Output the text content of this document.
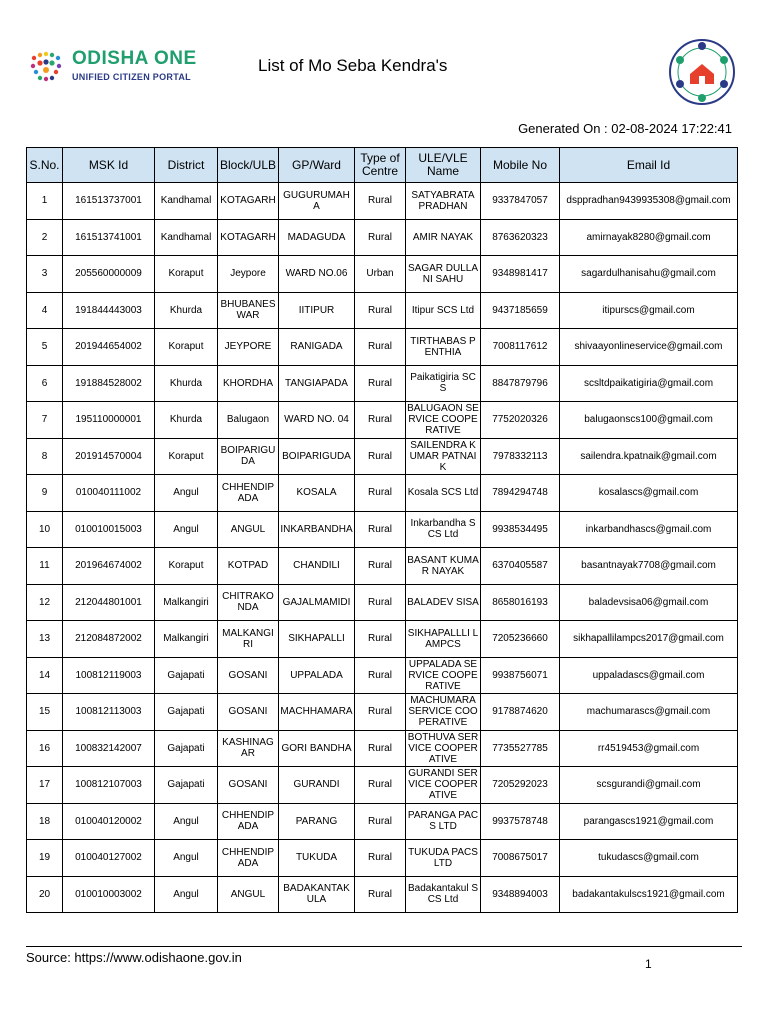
ODISHA ONE
UNIFIED CITIZEN PORTAL
List of Mo Seba Kendra's
Generated On : 02-08-2024 17:22:41
S.No.	MSK Id	District	Block/ULB	GP/Ward	Type of Centre	ULE/VLE Name	Mobile No	Email Id
1	161513737001	Kandhamal	KOTAGARH	GUGURUMAHA	Rural	SATYABRATA PRADHAN	9337847057	dsppradhan9439935308@gmail.com
2	161513741001	Kandhamal	KOTAGARH	MADAGUDA	Rural	AMIR NAYAK	8763620323	amirnayak8280@gmail.com
3	205560000009	Koraput	Jeypore	WARD NO.06	Urban	SAGAR DULLANI SAHU	9348981417	sagardulhanisahu@gmail.com
4	191844443003	Khurda	BHUBANESWAR	IITIPUR	Rural	Itipur SCS Ltd	9437185659	itipurscs@gmail.com
5	201944654002	Koraput	JEYPORE	RANIGADA	Rural	TIRTHABAS PENTHIA	7008117612	shivaayonlineservice@gmail.com
6	191884528002	Khurda	KHORDHA	TANGIAPADA	Rural	Paikatigiria SCS	8847879796	scsltdpaikatigiria@gmail.com
7	195110000001	Khurda	Balugaon	WARD NO. 04	Rural	BALUGAON SERVICE COOPERATIVE	7752020326	balugaonscs100@gmail.com
8	201914570004	Koraput	BOIPARIGUDA	BOIPARIGUDA	Rural	SAILENDRA KUMAR PATNAIK	7978332113	sailendra.kpatnaik@gmail.com
9	010040111002	Angul	CHHENDIPADA	KOSALA	Rural	Kosala SCS Ltd	7894294748	kosalascs@gmail.com
10	010010015003	Angul	ANGUL	INKARBANDHA	Rural	Inkarbandha SCS Ltd	9938534495	inkarbandhascs@gmail.com
11	201964674002	Koraput	KOTPAD	CHANDILI	Rural	BASANT KUMAR NAYAK	6370405587	basantnayak7708@gmail.com
12	212044801001	Malkangiri	CHITRAKONDA	GAJALMAMIDI	Rural	BALADEV SISA	8658016193	baladevsisa06@gmail.com
13	212084872002	Malkangiri	MALKANGIRI	SIKHAPALLI	Rural	SIKHAPALLLI LAMPCS	7205236660	sikhapallilampcs2017@gmail.com
14	100812119003	Gajapati	GOSANI	UPPALADA	Rural	UPPALADA SERVICE COOPERATIVE	9938756071	uppaladascs@gmail.com
15	100812113003	Gajapati	GOSANI	MACHHAMARA	Rural	MACHUMARA SERVICE COOPERATIVE	9178874620	machumarascs@gmail.com
16	100832142007	Gajapati	KASHINAGAR	GORI BANDHA	Rural	BOTHUVA SERVICE COOPERATIVE	7735527785	rr4519453@gmail.com
17	100812107003	Gajapati	GOSANI	GURANDI	Rural	GURANDI SERVICE COOPERATIVE	7205292023	scsgurandi@gmail.com
18	010040120002	Angul	CHHENDIPADA	PARANG	Rural	PARANGA PACS LTD	9937578748	parangascs1921@gmail.com
19	010040127002	Angul	CHHENDIPADA	TUKUDA	Rural	TUKUDA PACS LTD	7008675017	tukudascs@gmail.com
20	010010003002	Angul	ANGUL	BADAKANTAKULA	Rural	Badakantakul SCS Ltd	9348894003	badakantakulscs1921@gmail.com
Source: https://www.odishaone.gov.in	1
